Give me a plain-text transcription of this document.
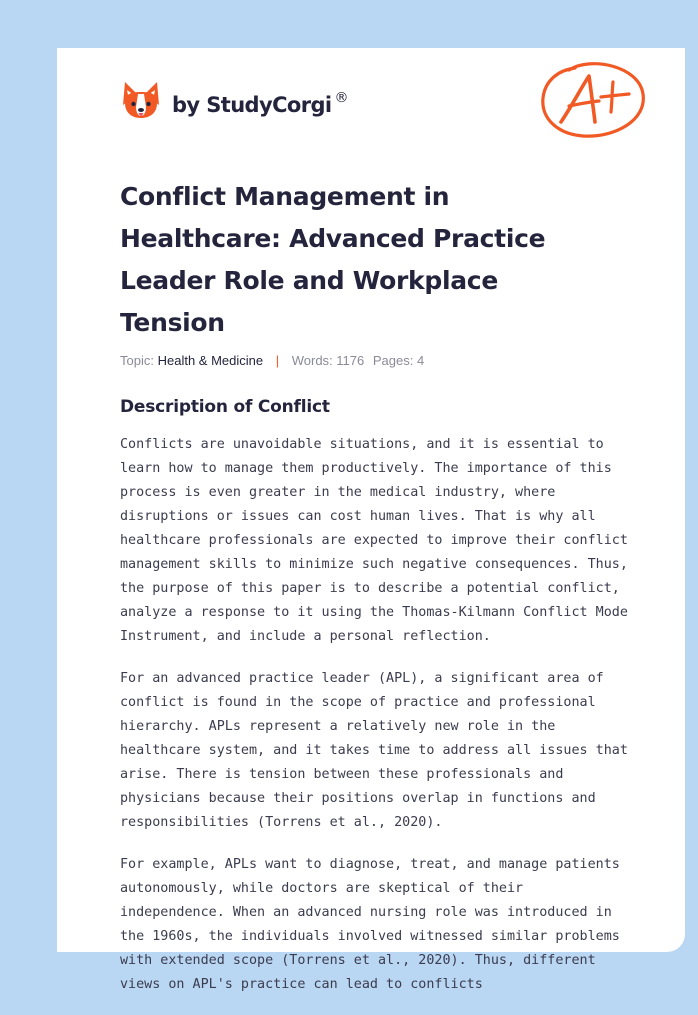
by StudyCorgi ®
Conflict Management in Healthcare: Advanced Practice Leader Role and Workplace Tension
Topic: Health & Medicine | Words: 1176 Pages: 4
Description of Conflict

Conflicts are unavoidable situations, and it is essential to learn how to manage them productively. The importance of this process is even greater in the medical industry, where disruptions or issues can cost human lives. That is why all healthcare professionals are expected to improve their conflict management skills to minimize such negative consequences. Thus, the purpose of this paper is to describe a potential conflict, analyze a response to it using the Thomas-Kilmann Conflict Mode Instrument, and include a personal reflection.

For an advanced practice leader (APL), a significant area of conflict is found in the scope of practice and professional hierarchy. APLs represent a relatively new role in the healthcare system, and it takes time to address all issues that arise. There is tension between these professionals and physicians because their positions overlap in functions and responsibilities (Torrens et al., 2020).

For example, APLs want to diagnose, treat, and manage patients autonomously, while doctors are skeptical of their independence. When an advanced nursing role was introduced in the 1960s, the individuals involved witnessed similar problems with extended scope (Torrens et al., 2020). Thus, different views on APL's practice can lead to conflicts
